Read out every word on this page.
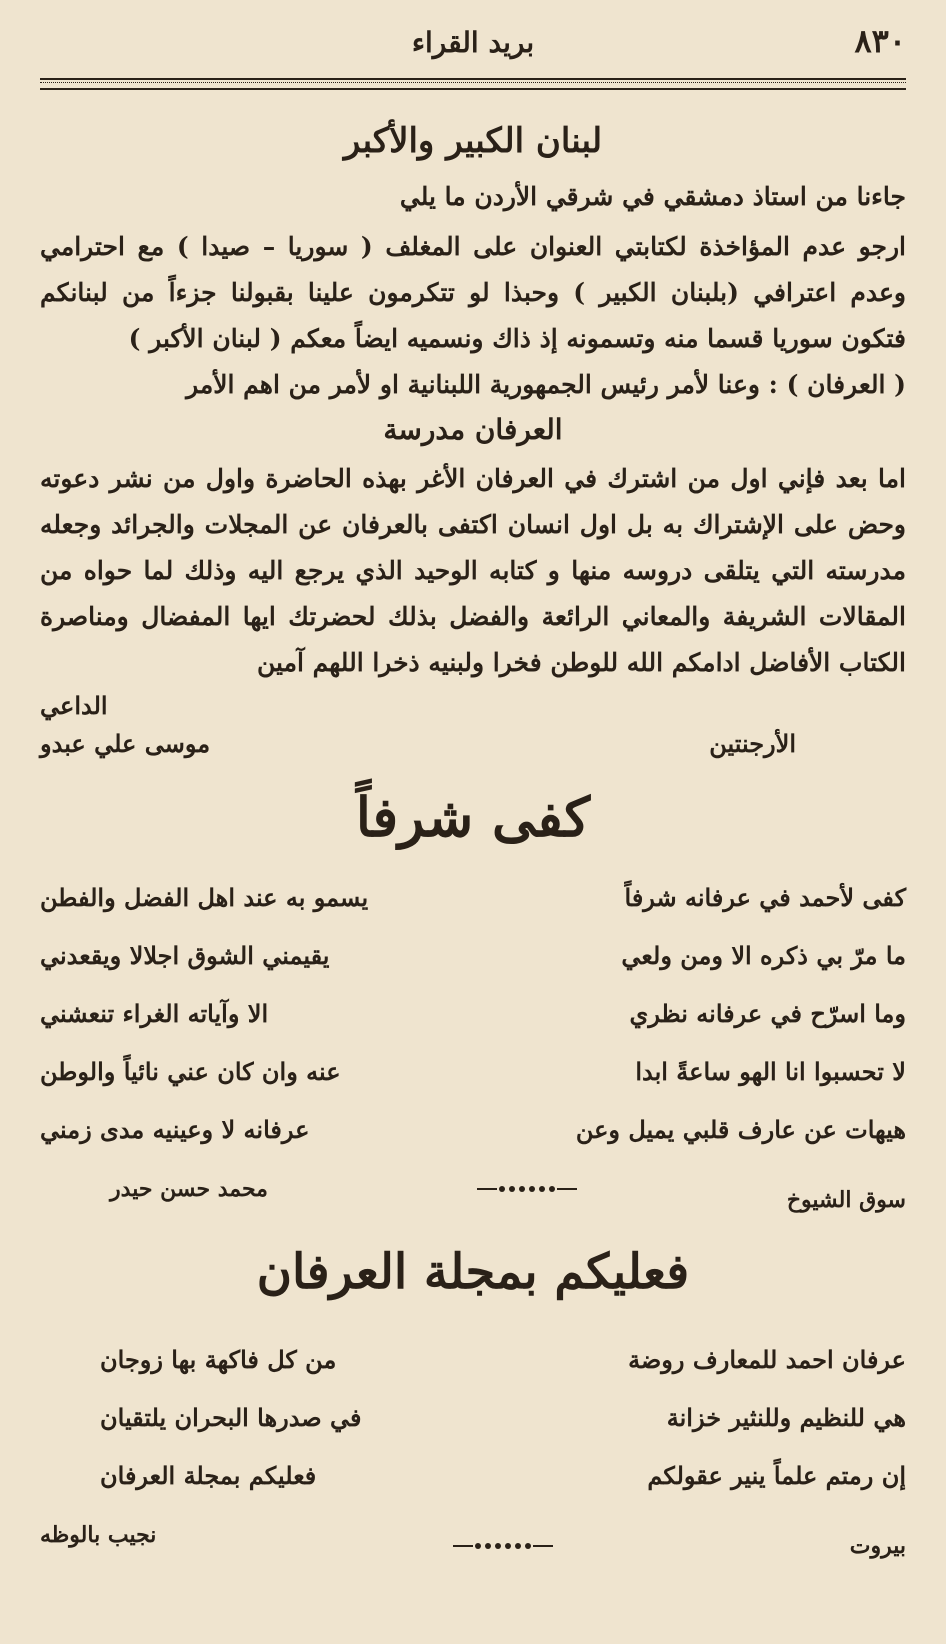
٨٣٠
بريد القراء
لبنان الكبير والأكبر

جاءنا من استاذ دمشقي في شرقي الأردن ما يلي

ارجو عدم المؤاخذة لكتابتي العنوان على المغلف ( سوريا – صيدا ) مع احترامي وعدم اعترافي (بلبنان الكبير ) وحبذا لو تتكرمون علينا بقبولنا جزءاً من لبنانكم فتكون سوريا قسما منه وتسمونه إذ ذاك ونسميه ايضاً معكم ( لبنان الأكبر )

( العرفان ) : وعنا لأمر رئيس الجمهورية اللبنانية او لأمر من اهم الأمر

العرفان مدرسة

اما بعد فإني اول من اشترك في العرفان الأغر بهذه الحاضرة واول من نشر دعوته وحض على الإشتراك به بل اول انسان اكتفى بالعرفان عن المجلات والجرائد وجعله مدرسته التي يتلقى دروسه منها و كتابه الوحيد الذي يرجع اليه وذلك لما حواه من المقالات الشريفة والمعاني الرائعة والفضل بذلك لحضرتك ايها المفضال ومناصرة الكتاب الأفاضل ادامكم الله للوطن فخرا ولبنيه ذخرا اللهم آمين

الداعي
الأرجنتين
موسى علي عبدو
كفى شرفاً
كفى لأحمد في عرفانه شرفاً
يسمو به عند اهل الفضل والفطن
ما مرّ بي ذكره الا ومن ولعي
يقيمني الشوق اجلالا ويقعدني
وما اسرّح في عرفانه نظري
الا وآياته الغراء تنعشني
لا تحسبوا انا الهو ساعةً ابدا
عنه وان كان عني نائياً والوطن
هيهات عن عارف قلبي يميل وعن
عرفانه لا وعينيه مدى زمني
سوق الشيوخ
محمد حسن حيدر
فعليكم بمجلة العرفان
عرفان احمد للمعارف روضة
من كل فاكهة بها زوجان
هي للنظيم وللنثير خزانة
في صدرها البحران يلتقيان
إن رمتم علماً ينير عقولكم
فعليكم بمجلة العرفان
بيروت
نجيب بالوظه
